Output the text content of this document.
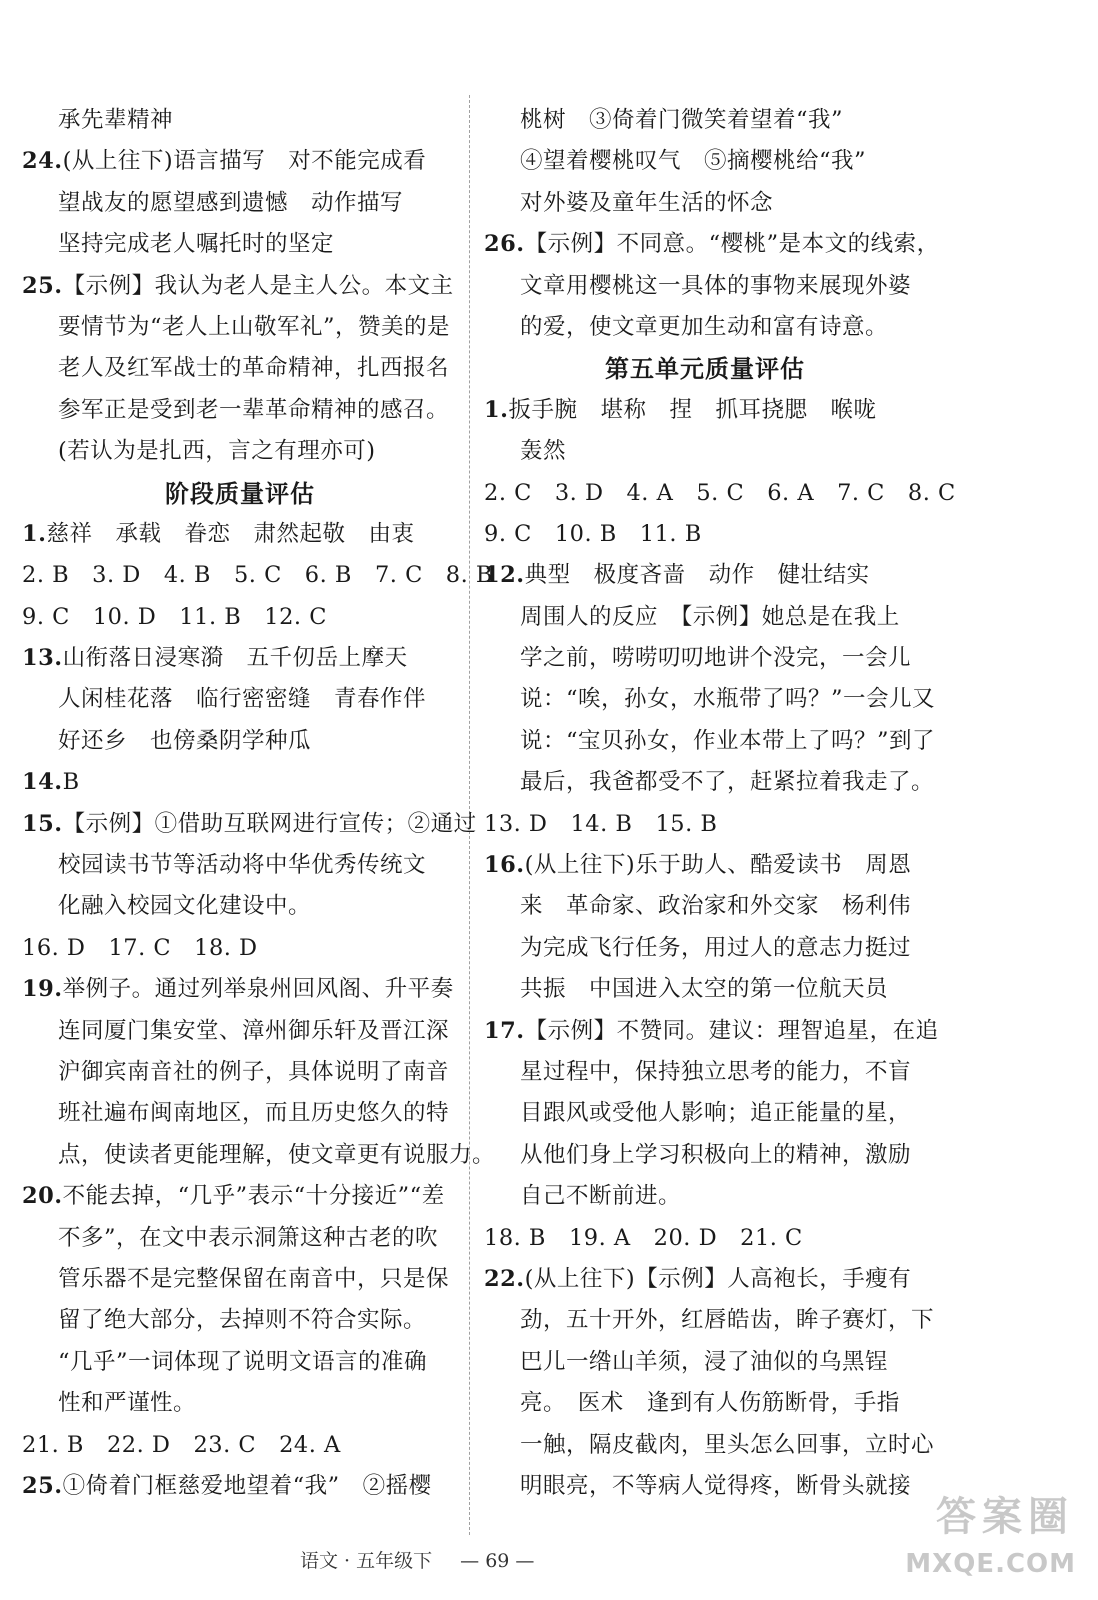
承先辈精神
24.(从上往下)语言描写　对不能完成看
望战友的愿望感到遗憾　动作描写
坚持完成老人嘱托时的坚定
25.【示例】我认为老人是主人公。本文主
要情节为“老人上山敬军礼”，赞美的是
老人及红军战士的革命精神，扎西报名
参军正是受到老一辈革命精神的感召。
(若认为是扎西，言之有理亦可)
阶段质量评估
1.慈祥　承载　眷恋　肃然起敬　由衷
2. B　3. D　4. B　5. C　6. B　7. C　8. B
9. C　10. D　11. B　12. C
13.山衔落日浸寒漪　五千仞岳上摩天
人闲桂花落　临行密密缝　青春作伴
好还乡　也傍桑阴学种瓜
14.B
15.【示例】①借助互联网进行宣传；②通过
校园读书节等活动将中华优秀传统文
化融入校园文化建设中。
16. D　17. C　18. D
19.举例子。通过列举泉州回风阁、升平奏
连同厦门集安堂、漳州御乐轩及晋江深
沪御宾南音社的例子，具体说明了南音
班社遍布闽南地区，而且历史悠久的特
点，使读者更能理解，使文章更有说服力。
20.不能去掉，“几乎”表示“十分接近”“差
不多”，在文中表示洞箫这种古老的吹
管乐器不是完整保留在南音中，只是保
留了绝大部分，去掉则不符合实际。
“几乎”一词体现了说明文语言的准确
性和严谨性。
21. B　22. D　23. C　24. A
25.①倚着门框慈爱地望着“我”　②摇樱
桃树　③倚着门微笑着望着“我”
④望着樱桃叹气　⑤摘樱桃给“我”
对外婆及童年生活的怀念
26.【示例】不同意。“樱桃”是本文的线索，
文章用樱桃这一具体的事物来展现外婆
的爱，使文章更加生动和富有诗意。
第五单元质量评估
1.扳手腕　堪称　捏　抓耳挠腮　喉咙
轰然
2. C　3. D　4. A　5. C　6. A　7. C　8. C
9. C　10. B　11. B
12.典型　极度吝啬　动作　健壮结实
周围人的反应　【示例】她总是在我上
学之前，唠唠叨叨地讲个没完，一会儿
说：“唉，孙女，水瓶带了吗？”一会儿又
说：“宝贝孙女，作业本带上了吗？”到了
最后，我爸都受不了，赶紧拉着我走了。
13. D　14. B　15. B
16.(从上往下)乐于助人、酷爱读书　周恩
来　革命家、政治家和外交家　杨利伟
为完成飞行任务，用过人的意志力挺过
共振　中国进入太空的第一位航天员
17.【示例】不赞同。建议：理智追星，在追
星过程中，保持独立思考的能力，不盲
目跟风或受他人影响；追正能量的星，
从他们身上学习积极向上的精神，激励
自己不断前进。
18. B　19. A　20. D　21. C
22.(从上往下)【示例】人高袍长，手瘦有
劲，五十开外，红唇皓齿，眸子赛灯，下
巴儿一绺山羊须，浸了油似的乌黑锃
亮。　医术　逢到有人伤筋断骨，手指
一触，隔皮截肉，里头怎么回事，立时心
明眼亮，不等病人觉得疼，断骨头就接
语文 · 五年级下 — 69 —
答案圈
MXQE.COM
